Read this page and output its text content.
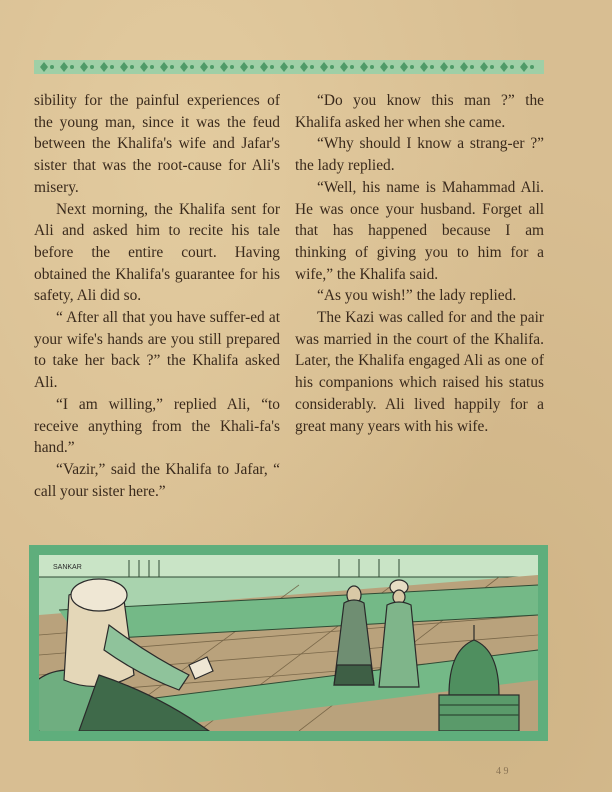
sibility for the painful experiences of the young man, since it was the feud between the Khalifa's wife and Jafar's sister that was the root-cause for Ali's misery.

Next morning, the Khalifa sent for Ali and asked him to recite his tale before the entire court. Having obtained the Khalifa's guarantee for his safety, Ali did so.

“ After all that you have suffer-ed at your wife's hands are you still prepared to take her back ?” the Khalifa asked Ali.

“I am willing,” replied Ali, “to receive anything from the Khali-fa's hand.”

“Vazir,” said the Khalifa to Jafar, “ call your sister here.”

“Do you know this man ?” the Khalifa asked her when she came.

“Why should I know a strang-er ?” the lady replied.

“Well, his name is Mahammad Ali. He was once your husband. Forget all that has happened because I am thinking of giving you to him for a wife,” the Khalifa said.

“As you wish!” the lady replied.

The Kazi was called for and the pair was married in the court of the Khalifa. Later, the Khalifa engaged Ali as one of his companions which raised his status considerably. Ali lived happily for a great many years with his wife.

SANKAR
4 9
